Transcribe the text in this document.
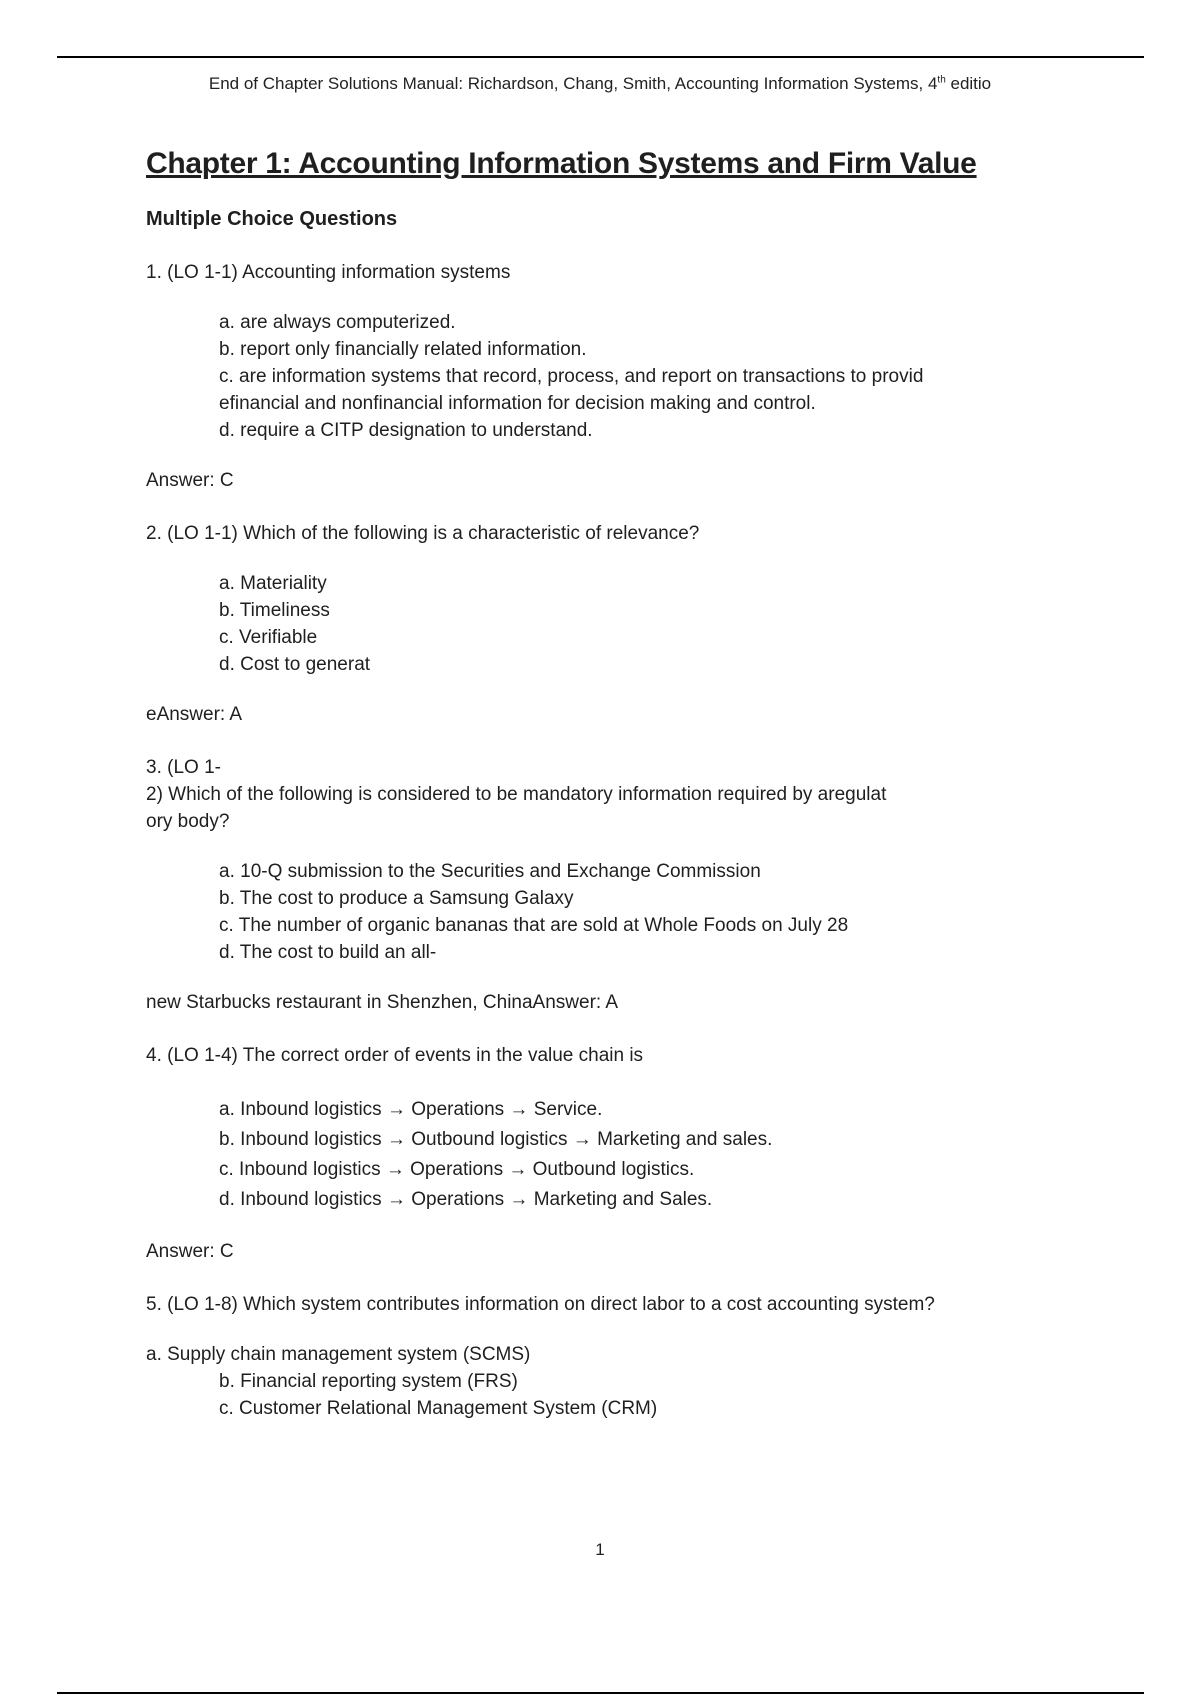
End of Chapter Solutions Manual: Richardson, Chang, Smith, Accounting Information Systems, 4th editio
Chapter 1: Accounting Information Systems and Firm Value
Multiple Choice Questions
1. (LO 1-1) Accounting information systems
a. are always computerized.
b. report only financially related information.
c. are information systems that record, process, and report on transactions to provid
efinancial and nonfinancial information for decision making and control.
d. require a CITP designation to understand.
Answer: C
2. (LO 1-1) Which of the following is a characteristic of relevance?
a. Materiality
b. Timeliness
c. Verifiable
d. Cost to generat
eAnswer: A
3. (LO 1-
2) Which of the following is considered to be mandatory information required by aregulat
ory body?
a. 10-Q submission to the Securities and Exchange Commission
b. The cost to produce a Samsung Galaxy
c. The number of organic bananas that are sold at Whole Foods on July 28
d. The cost to build an all-
new Starbucks restaurant in Shenzhen, ChinaAnswer: A
4. (LO 1-4) The correct order of events in the value chain is
a. Inbound logistics → Operations → Service.
b. Inbound logistics → Outbound logistics → Marketing and sales.
c. Inbound logistics → Operations → Outbound logistics.
d. Inbound logistics → Operations → Marketing and Sales.
Answer: C
5. (LO 1-8) Which system contributes information on direct labor to a cost accounting system?
a. Supply chain management system (SCMS)
b. Financial reporting system (FRS)
c. Customer Relational Management System (CRM)
1
